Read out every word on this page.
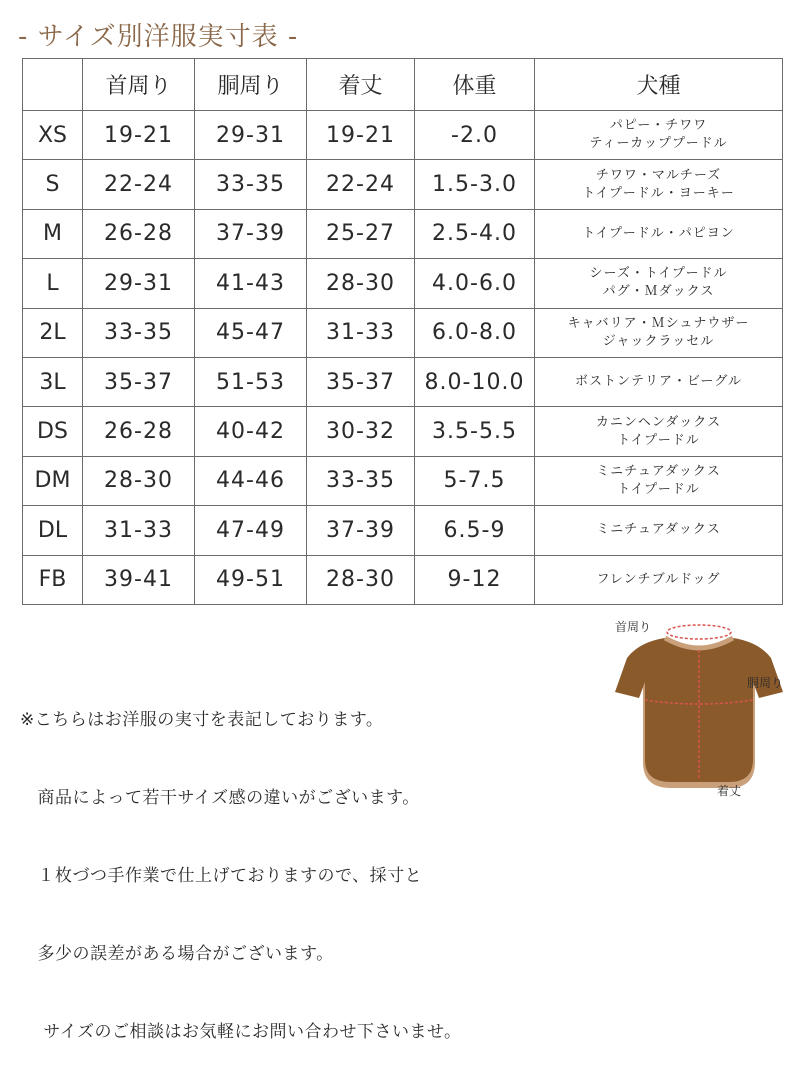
- サイズ別洋服実寸表 -
	首周り	胴周り	着丈	体重	犬種
XS	19-21	29-31	19-21	-2.0	パピー・チワワ
ティーカッププードル

S	22-24	33-35	22-24	1.5-3.0	チワワ・マルチーズ
トイプードル・ヨーキー

M	26-28	37-39	25-27	2.5-4.0	トイプードル・パピヨン

L	29-31	41-43	28-30	4.0-6.0	シーズ・トイプードル
パグ・Ｍダックス

2L	33-35	45-47	31-33	6.0-8.0	キャバリア・Ｍシュナウザー
ジャックラッセル

3L	35-37	51-53	35-37	8.0-10.0	ボストンテリア・ビーグル

DS	26-28	40-42	30-32	3.5-5.5	カニンヘンダックス
トイプードル

DM	28-30	44-46	33-35	5-7.5	ミニチュアダックス
トイプードル

DL	31-33	47-49	37-39	6.5-9	ミニチュアダックス

FB	39-41	49-51	28-30	9-12	フレンチブルドッグ

※こちらはお洋服の実寸を表記しております。

　商品によって若干サイズ感の違いがございます。

　１枚づつ手作業で仕上げておりますので、採寸と

　多少の誤差がある場合がございます。

　 サイズのご相談はお気軽にお問い合わせ下さいませ。

首周り
胴周り
着丈
